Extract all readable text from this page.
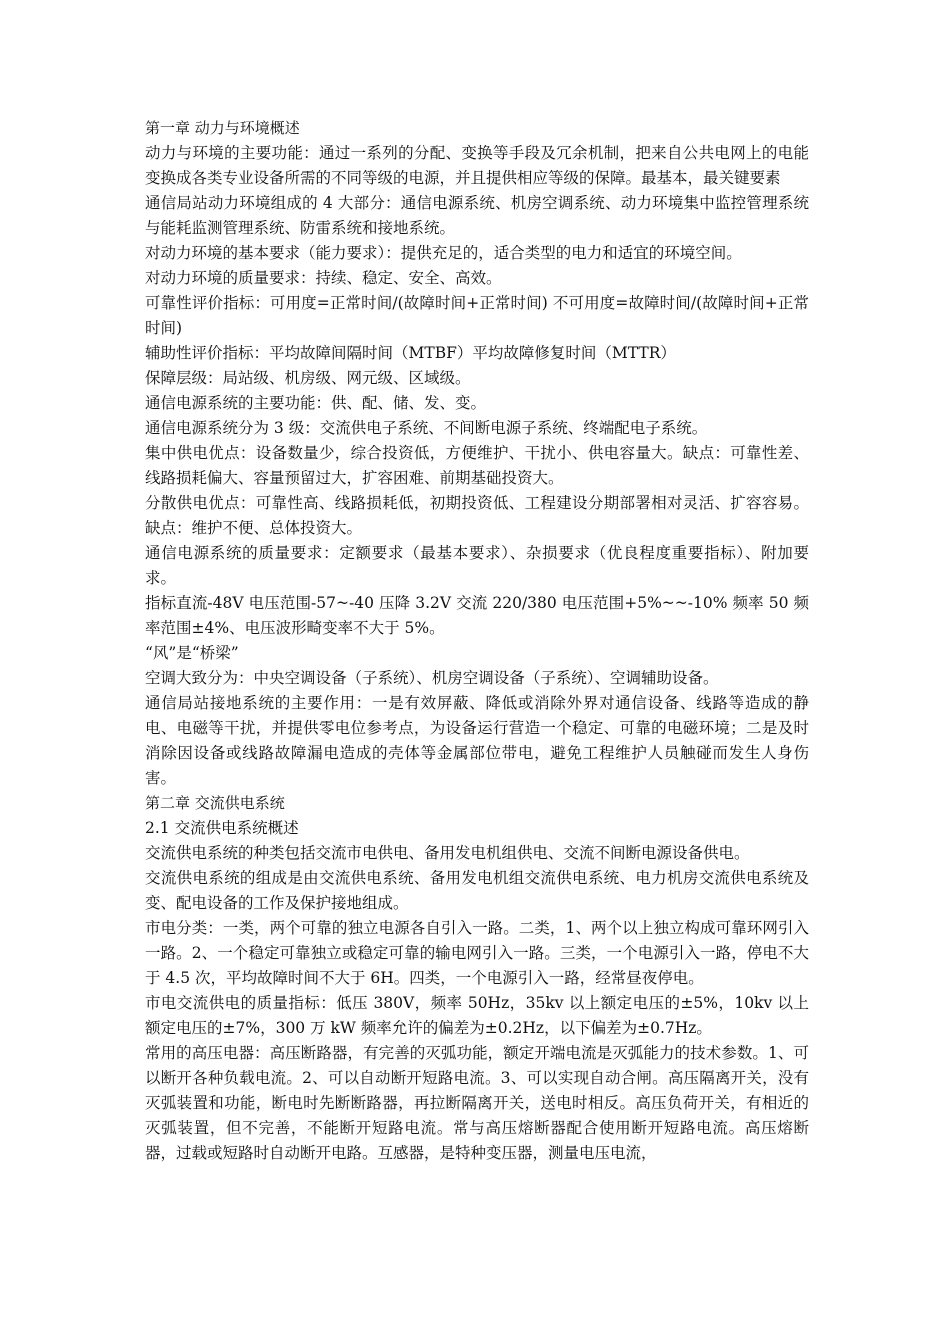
第一章 动力与环境概述

动力与环境的主要功能：通过一系列的分配、变换等手段及冗余机制，把来自公共电网上的电能变换成各类专业设备所需的不同等级的电源，并且提供相应等级的保障。最基本，最关键要素

通信局站动力环境组成的 4 大部分：通信电源系统、机房空调系统、动力环境集中监控管理系统与能耗监测管理系统、防雷系统和接地系统。

对动力环境的基本要求（能力要求）：提供充足的，适合类型的电力和适宜的环境空间。

对动力环境的质量要求：持续、稳定、安全、高效。

可靠性评价指标：可用度=正常时间/(故障时间+正常时间) 不可用度=故障时间/(故障时间+正常时间)

辅助性评价指标：平均故障间隔时间（MTBF）平均故障修复时间（MTTR）

保障层级：局站级、机房级、网元级、区域级。

通信电源系统的主要功能：供、配、储、发、变。

通信电源系统分为 3 级：交流供电子系统、不间断电源子系统、终端配电子系统。

集中供电优点：设备数量少，综合投资低，方便维护、干扰小、供电容量大。缺点：可靠性差、线路损耗偏大、容量预留过大，扩容困难、前期基础投资大。

分散供电优点：可靠性高、线路损耗低，初期投资低、工程建设分期部署相对灵活、扩容容易。缺点：维护不便、总体投资大。

通信电源系统的质量要求：定额要求（最基本要求）、杂损要求（优良程度重要指标）、附加要求。

指标直流-48V 电压范围-57~-40 压降 3.2V 交流 220/380 电压范围+5%~~-10% 频率 50 频率范围±4%、电压波形畸变率不大于 5%。

“风”是“桥梁”

空调大致分为：中央空调设备（子系统）、机房空调设备（子系统）、空调辅助设备。

通信局站接地系统的主要作用：一是有效屏蔽、降低或消除外界对通信设备、线路等造成的静电、电磁等干扰，并提供零电位参考点，为设备运行营造一个稳定、可靠的电磁环境；二是及时消除因设备或线路故障漏电造成的壳体等金属部位带电，避免工程维护人员触碰而发生人身伤害。

第二章 交流供电系统

2.1 交流供电系统概述

交流供电系统的种类包括交流市电供电、备用发电机组供电、交流不间断电源设备供电。

交流供电系统的组成是由交流供电系统、备用发电机组交流供电系统、电力机房交流供电系统及变、配电设备的工作及保护接地组成。

市电分类：一类，两个可靠的独立电源各自引入一路。二类，1、两个以上独立构成可靠环网引入一路。2、一个稳定可靠独立或稳定可靠的输电网引入一路。三类，一个电源引入一路，停电不大于 4.5 次，平均故障时间不大于 6H。四类，一个电源引入一路，经常昼夜停电。

市电交流供电的质量指标：低压 380V，频率 50Hz，35kv 以上额定电压的±5%，10kv 以上额定电压的±7%，300 万 kW 频率允许的偏差为±0.2Hz，以下偏差为±0.7Hz。

常用的高压电器：高压断路器，有完善的灭弧功能，额定开端电流是灭弧能力的技术参数。1、可以断开各种负载电流。2、可以自动断开短路电流。3、可以实现自动合闸。高压隔离开关，没有灭弧装置和功能，断电时先断断路器，再拉断隔离开关，送电时相反。高压负荷开关，有相近的灭弧装置，但不完善，不能断开短路电流。常与高压熔断器配合使用断开短路电流。高压熔断器，过载或短路时自动断开电路。互感器，是特种变压器，测量电压电流，
